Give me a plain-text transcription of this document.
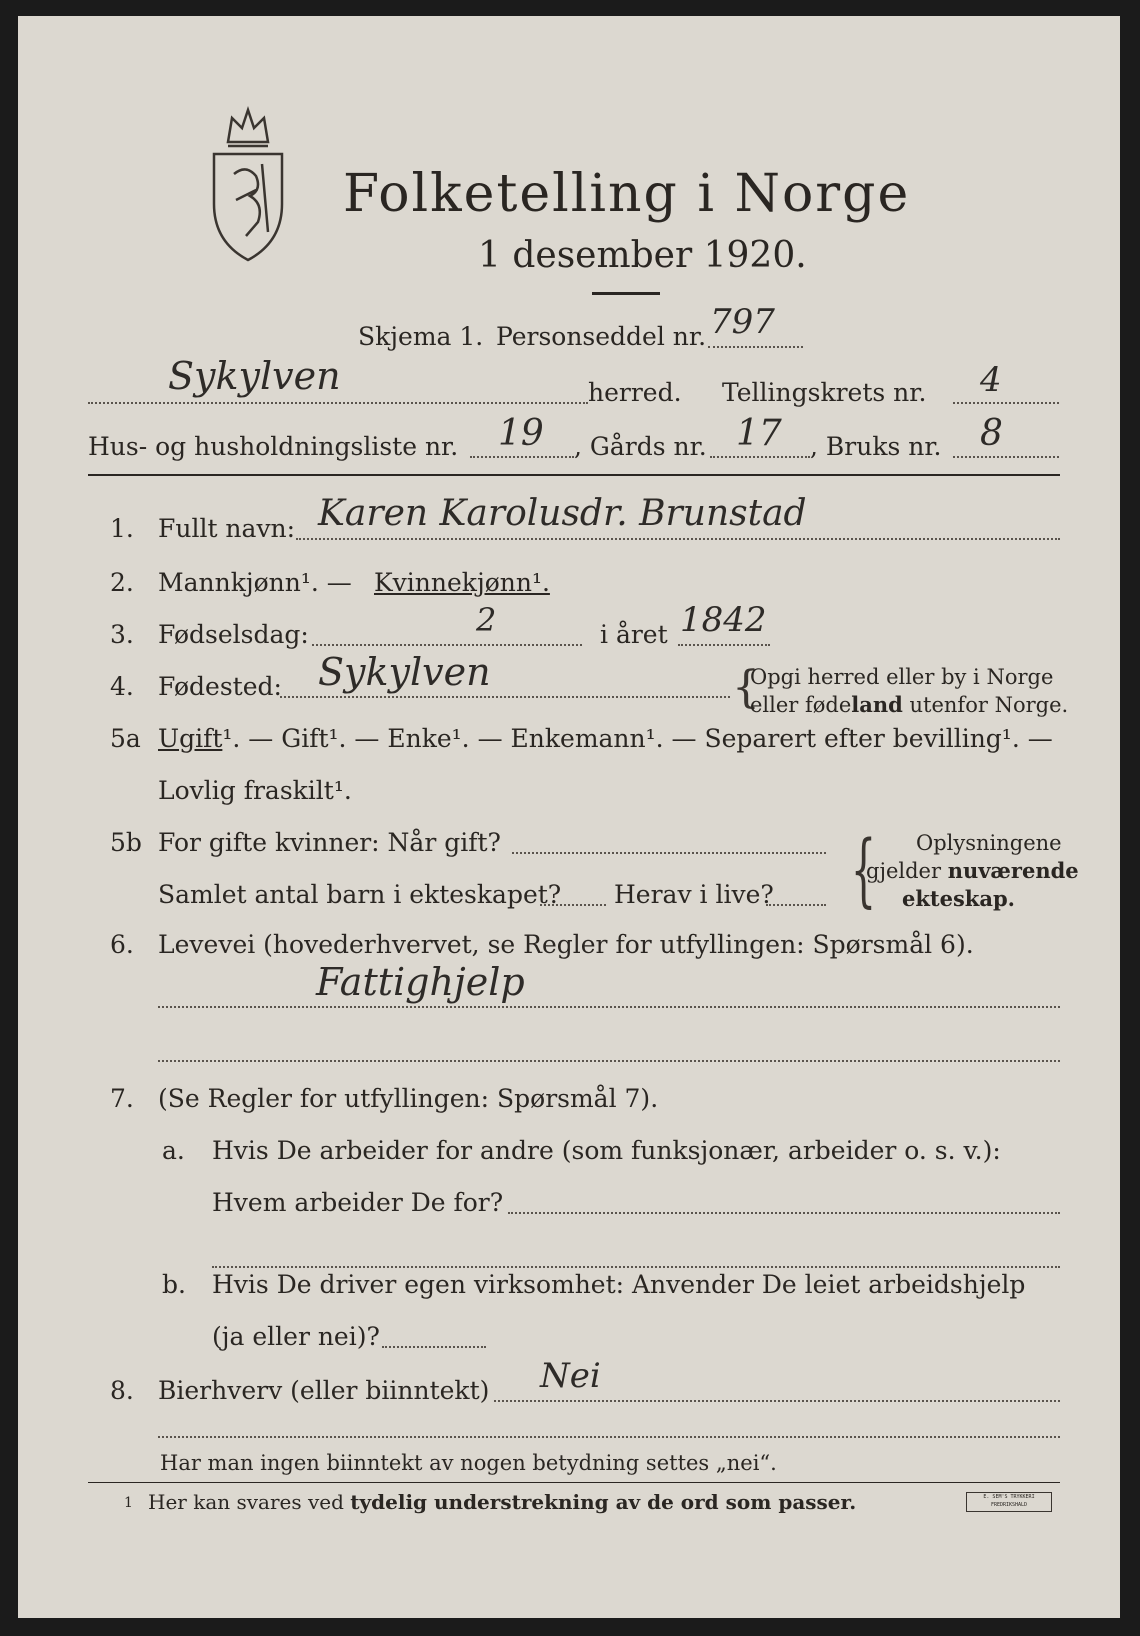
Folketelling i Norge
1 desember 1920.
Skjema 1. Personseddel nr. 797
Sykylven	herred. Tellingskrets nr. 4
Hus- og husholdningsliste nr. 19 , Gårds nr. 17 , Bruks nr. 8
1. Fullt navn: Karen Karolusdr. Brunstad
2. Mannkjønn¹. — Kvinnekjønn¹.
3. Fødselsdag:	2	i året 1842
4. Fødested: Sykylven	{
Opgi herred eller by i Norge
eller fødeland utenfor Norge.
5a Ugift¹. — Gift¹. — Enke¹. — Enkemann¹. — Separert efter bevilling¹. —
Lovlig fraskilt¹.
5b For gifte kvinner: Når gift?
Samlet antal barn i ekteskapet? Herav i live? { Oplysningene
gjelder nuværende
ekteskap.
6. Levevei (hovederhvervet, se Regler for utfyllingen: Spørsmål 6).
Fattighjelp
7. (Se Regler for utfyllingen: Spørsmål 7).
a. Hvis De arbeider for andre (som funksjonær, arbeider o. s. v.):
Hvem arbeider De for?
b. Hvis De driver egen virksomhet: Anvender De leiet arbeidshjelp
(ja eller nei)?
8. Bierhverv (eller biinntekt) Nei
Har man ingen biinntekt av nogen betydning settes „nei“.
1 Her kan svares ved tydelig understrekning av de ord som passer.	E. SEM'S TRYKKERI FREDRIKSHALD
